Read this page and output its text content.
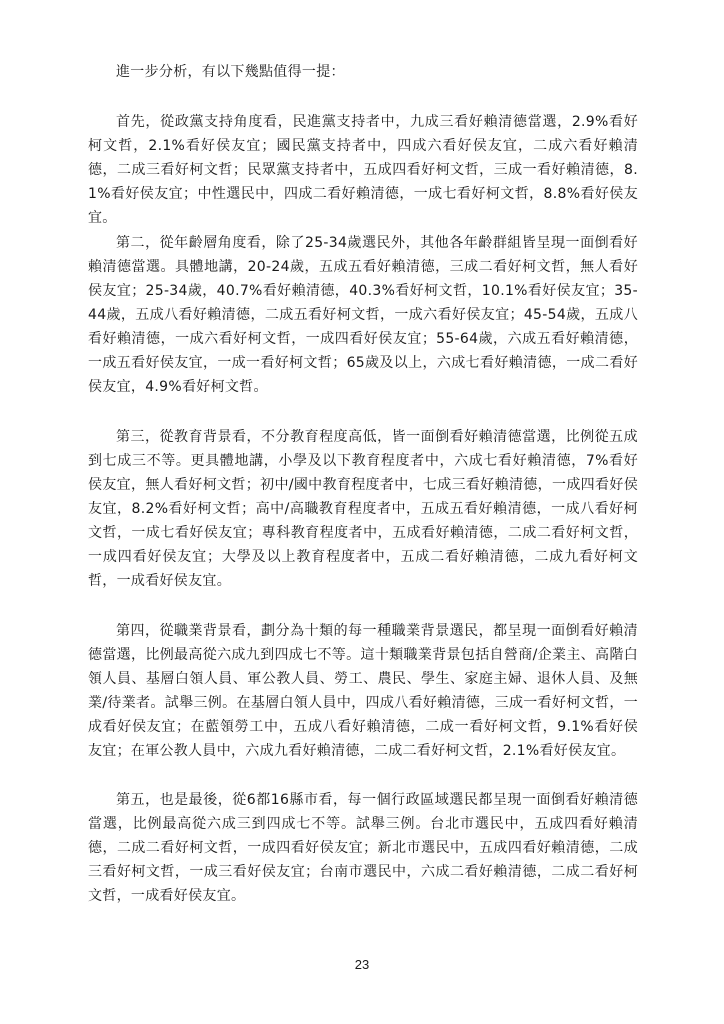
進一步分析，有以下幾點值得一提：

首先，從政黨支持角度看，民進黨支持者中，九成三看好賴清德當選，2.9%看好柯文哲，2.1%看好侯友宜；國民黨支持者中，四成六看好侯友宜，二成六看好賴清德，二成三看好柯文哲；民眾黨支持者中，五成四看好柯文哲，三成一看好賴清德，8.1%看好侯友宜；中性選民中，四成二看好賴清德，一成七看好柯文哲，8.8%看好侯友宜。

第二，從年齡層角度看，除了25-34歲選民外，其他各年齡群組皆呈現一面倒看好賴清德當選。具體地講，20-24歲，五成五看好賴清德，三成二看好柯文哲，無人看好侯友宜；25-34歲，40.7%看好賴清德，40.3%看好柯文哲，10.1%看好侯友宜；35-44歲，五成八看好賴清德，二成五看好柯文哲，一成六看好侯友宜；45-54歲，五成八看好賴清德，一成六看好柯文哲，一成四看好侯友宜；55-64歲，六成五看好賴清德，一成五看好侯友宜，一成一看好柯文哲；65歲及以上，六成七看好賴清德，一成二看好侯友宜，4.9%看好柯文哲。

第三，從教育背景看，不分教育程度高低，皆一面倒看好賴清德當選，比例從五成到七成三不等。更具體地講，小學及以下教育程度者中，六成七看好賴清德，7%看好侯友宜，無人看好柯文哲；初中/國中教育程度者中，七成三看好賴清德，一成四看好侯友宜，8.2%看好柯文哲；高中/高職教育程度者中，五成五看好賴清德，一成八看好柯文哲，一成七看好侯友宜；專科教育程度者中，五成看好賴清德，二成二看好柯文哲，一成四看好侯友宜；大學及以上教育程度者中，五成二看好賴清德，二成九看好柯文哲，一成看好侯友宜。

第四，從職業背景看，劃分為十類的每一種職業背景選民，都呈現一面倒看好賴清德當選，比例最高從六成九到四成七不等。這十類職業背景包括自營商/企業主、高階白領人員、基層白領人員、軍公教人員、勞工、農民、學生、家庭主婦、退休人員、及無業/待業者。試舉三例。在基層白領人員中，四成八看好賴清德，三成一看好柯文哲，一成看好侯友宜；在藍領勞工中，五成八看好賴清德，二成一看好柯文哲，9.1%看好侯友宜；在軍公教人員中，六成九看好賴清德，二成二看好柯文哲，2.1%看好侯友宜。

第五，也是最後，從6都16縣市看，每一個行政區域選民都呈現一面倒看好賴清德當選，比例最高從六成三到四成七不等。試舉三例。台北市選民中，五成四看好賴清德，二成二看好柯文哲，一成四看好侯友宜；新北市選民中，五成四看好賴清德，二成三看好柯文哲，一成三看好侯友宜；台南市選民中，六成二看好賴清德，二成二看好柯文哲，一成看好侯友宜。

23
